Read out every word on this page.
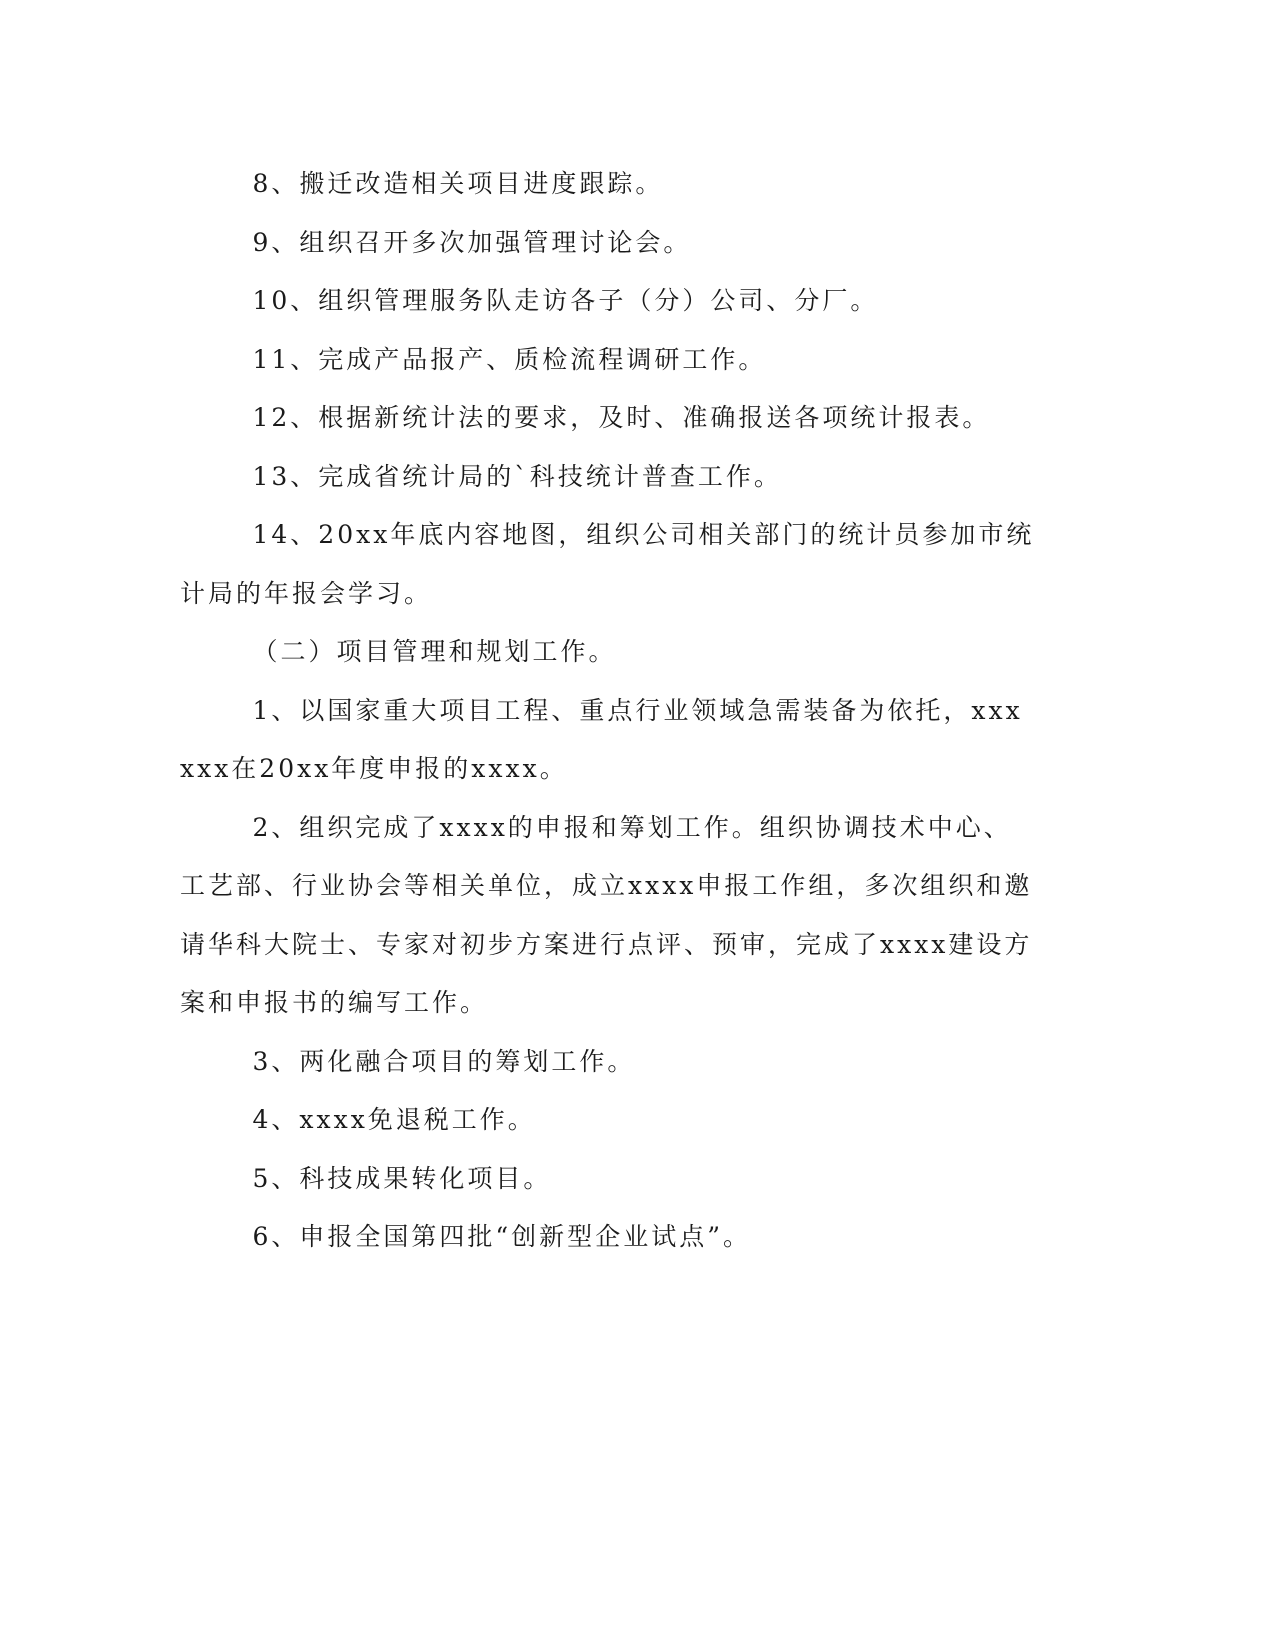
8、搬迁改造相关项目进度跟踪。

9、组织召开多次加强管理讨论会。

10、组织管理服务队走访各子（分）公司、分厂。

11、完成产品报产、质检流程调研工作。

12、根据新统计法的要求，及时、准确报送各项统计报表。

13、完成省统计局的`科技统计普查工作。

14、20xx年底内容地图，组织公司相关部门的统计员参加市统计局的年报会学习。

（二）项目管理和规划工作。

1、以国家重大项目工程、重点行业领域急需装备为依托，xxxxxx在20xx年度申报的xxxx。

2、组织完成了xxxx的申报和筹划工作。组织协调技术中心、工艺部、行业协会等相关单位，成立xxxx申报工作组，多次组织和邀请华科大院士、专家对初步方案进行点评、预审，完成了xxxx建设方案和申报书的编写工作。

3、两化融合项目的筹划工作。

4、xxxx免退税工作。

5、科技成果转化项目。

6、申报全国第四批“创新型企业试点”。
